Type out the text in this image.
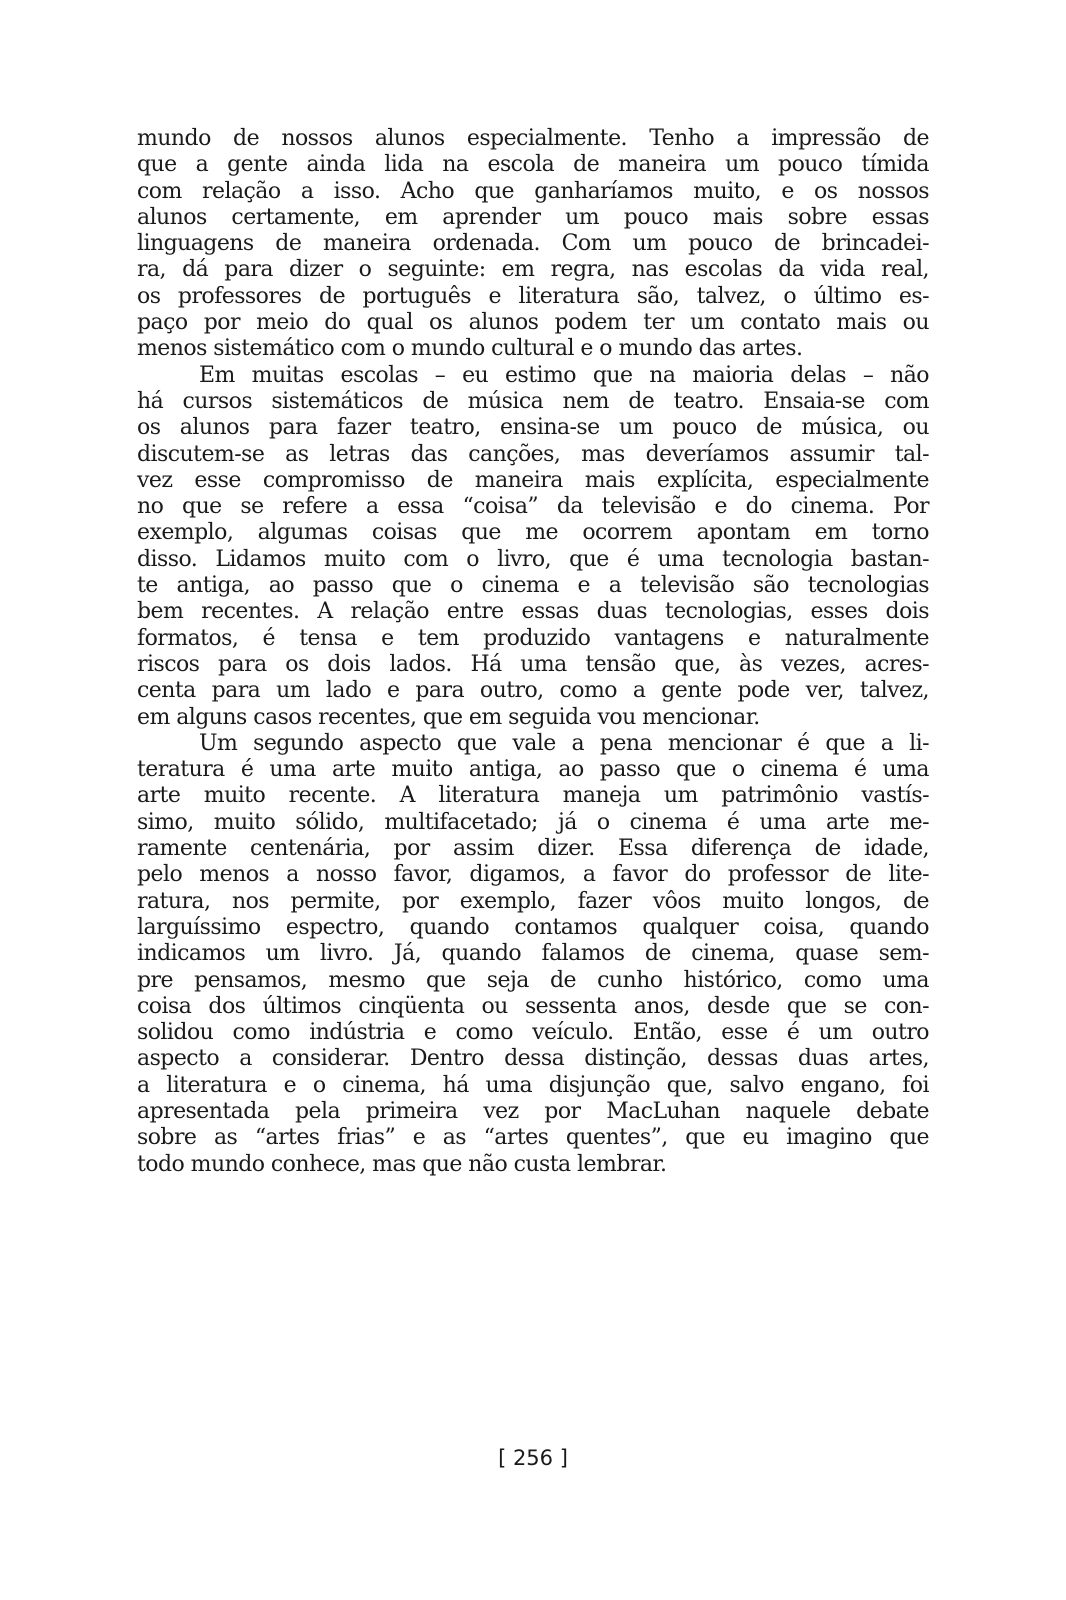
mundo de nossos alunos especialmente. Tenho a impressão de
que a gente ainda lida na escola de maneira um pouco tímida
com relação a isso. Acho que ganharíamos muito, e os nossos
alunos certamente, em aprender um pouco mais sobre essas
linguagens de maneira ordenada. Com um pouco de brincadei-
ra, dá para dizer o seguinte: em regra, nas escolas da vida real,
os professores de português e literatura são, talvez, o último es-
paço por meio do qual os alunos podem ter um contato mais ou
menos sistemático com o mundo cultural e o mundo das artes.
Em muitas escolas – eu estimo que na maioria delas – não
há cursos sistemáticos de música nem de teatro. Ensaia-se com
os alunos para fazer teatro, ensina-se um pouco de música, ou
discutem-se as letras das canções, mas deveríamos assumir tal-
vez esse compromisso de maneira mais explícita, especialmente
no que se refere a essa “coisa” da televisão e do cinema. Por
exemplo, algumas coisas que me ocorrem apontam em torno
disso. Lidamos muito com o livro, que é uma tecnologia bastan-
te antiga, ao passo que o cinema e a televisão são tecnologias
bem recentes. A relação entre essas duas tecnologias, esses dois
formatos, é tensa e tem produzido vantagens e naturalmente
riscos para os dois lados. Há uma tensão que, às vezes, acres-
centa para um lado e para outro, como a gente pode ver, talvez,
em alguns casos recentes, que em seguida vou mencionar.
Um segundo aspecto que vale a pena mencionar é que a li-
teratura é uma arte muito antiga, ao passo que o cinema é uma
arte muito recente. A literatura maneja um patrimônio vastís-
simo, muito sólido, multifacetado; já o cinema é uma arte me-
ramente centenária, por assim dizer. Essa diferença de idade,
pelo menos a nosso favor, digamos, a favor do professor de lite-
ratura, nos permite, por exemplo, fazer vôos muito longos, de
larguíssimo espectro, quando contamos qualquer coisa, quando
indicamos um livro. Já, quando falamos de cinema, quase sem-
pre pensamos, mesmo que seja de cunho histórico, como uma
coisa dos últimos cinqüenta ou sessenta anos, desde que se con-
solidou como indústria e como veículo. Então, esse é um outro
aspecto a considerar. Dentro dessa distinção, dessas duas artes,
a literatura e o cinema, há uma disjunção que, salvo engano, foi
apresentada pela primeira vez por MacLuhan naquele debate
sobre as “artes frias” e as “artes quentes”, que eu imagino que
todo mundo conhece, mas que não custa lembrar.
[ 256 ]
